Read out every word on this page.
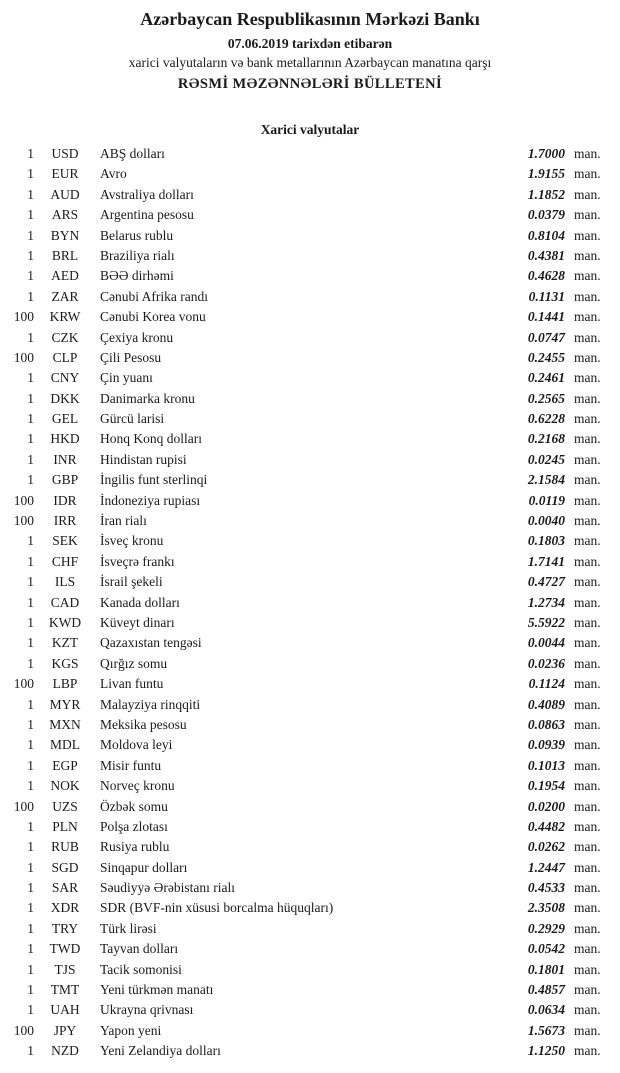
Azərbaycan Respublikasının Mərkəzi Bankı
07.06.2019 tarixdən etibarən
xarici valyutaların və bank metallarının Azərbaycan manatına qarşı
RƏSMİ MƏZƏNNƏLƏRİ BÜLLETENİ
Xarici valyutalar
1	USD	ABŞ dolları	1.7000 man.
1	EUR	Avro	1.9155 man.
1	AUD	Avstraliya dolları	1.1852 man.
1	ARS	Argentina pesosu	0.0379 man.
1	BYN	Belarus rublu	0.8104 man.
1	BRL	Braziliya rialı	0.4381 man.
1	AED	BƏƏ dirhəmi	0.4628 man.
1	ZAR	Cənubi Afrika randı	0.1131 man.
100	KRW	Cənubi Korea vonu	0.1441 man.
1	CZK	Çexiya kronu	0.0747 man.
100	CLP	Çili Pesosu	0.2455 man.
1	CNY	Çin yuanı	0.2461 man.
1	DKK	Danimarka kronu	0.2565 man.
1	GEL	Gürcü larisi	0.6228 man.
1	HKD	Honq Konq dolları	0.2168 man.
1	INR	Hindistan rupisi	0.0245 man.
1	GBP	İngilis funt sterlinqi	2.1584 man.
100	IDR	İndoneziya rupiası	0.0119 man.
100	IRR	İran rialı	0.0040 man.
1	SEK	İsveç kronu	0.1803 man.
1	CHF	İsveçrə frankı	1.7141 man.
1	ILS	İsrail şekeli	0.4727 man.
1	CAD	Kanada dolları	1.2734 man.
1	KWD	Küveyt dinarı	5.5922 man.
1	KZT	Qazaxıstan tengəsi	0.0044 man.
1	KGS	Qırğız somu	0.0236 man.
100	LBP	Livan funtu	0.1124 man.
1	MYR	Malayziya rinqqiti	0.4089 man.
1	MXN	Meksika pesosu	0.0863 man.
1	MDL	Moldova leyi	0.0939 man.
1	EGP	Misir funtu	0.1013 man.
1	NOK	Norveç kronu	0.1954 man.
100	UZS	Özbək somu	0.0200 man.
1	PLN	Polşa zlotası	0.4482 man.
1	RUB	Rusiya rublu	0.0262 man.
1	SGD	Sinqapur dolları	1.2447 man.
1	SAR	Səudiyyə Ərəbistanı rialı	0.4533 man.
1	XDR	SDR (BVF-nin xüsusi borcalma hüquqları)	2.3508 man.
1	TRY	Türk lirəsi	0.2929 man.
1	TWD	Tayvan dolları	0.0542 man.
1	TJS	Tacik somonisi	0.1801 man.
1	TMT	Yeni türkmən manatı	0.4857 man.
1	UAH	Ukrayna qrivnası	0.0634 man.
100	JPY	Yapon yeni	1.5673 man.
1	NZD	Yeni Zelandiya dolları	1.1250 man.
